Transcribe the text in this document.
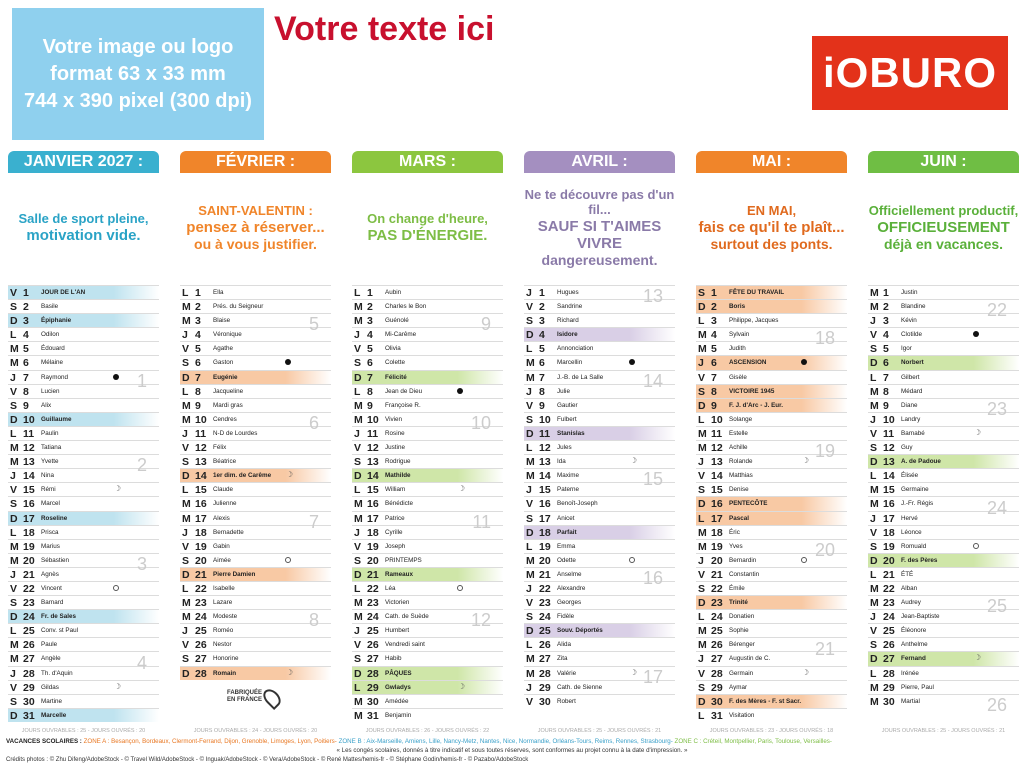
Votre image ou logo
format 63 x 33 mm
744 x 390 pixel (300 dpi)
Votre texte ici
iOBURO
JANVIER 2027 :
Salle de sport pleine,
motivation vide.
V 1	JOUR DE L'AN
S 2	Basile
D 3	Épiphanie
L 4	Odilon
M 5	Édouard
M 6	Mélaine
J 7	Raymond
V 8	Lucien
S 9	Alix
D 10	Guillaume
L 11	Paulin
M 12	Tatiana
M 13	Yvette
J 14	Nina
V 15	Rémi	☽
S 16	Marcel
D 17	Roseline
L 18	Prisca
M 19	Marius
M 20	Sébastien
J 21	Agnès
V 22	Vincent
S 23	Barnard
D 24	Fr. de Sales
L 25	Conv. st Paul
M 26	Paule
M 27	Angèle
J 28	Th. d'Aquin
V 29	Gildas	☽
S 30	Martine
D 31	Marcelle
1
2
3
4
JOURS OUVRABLES : 25 - JOURS OUVRÉS : 20
FÉVRIER :
SAINT-VALENTIN :
pensez à réserver...
ou à vous justifier.
L 1	Ella
M 2	Prés. du Seigneur
M 3	Blaise
J 4	Véronique
V 5	Agathe
S 6	Gaston
D 7	Eugénie
L 8	Jacqueline
M 9	Mardi gras
M 10	Cendres
J 11	N-D de Lourdes
V 12	Félix
S 13	Béatrice
D 14	1er dim. de Carême ☽
L 15	Claude
M 16	Julienne
M 17	Alexis
J 18	Bernadette
V 19	Gabin
S 20	Aimée
D 21	Pierre Damien
L 22	Isabelle
M 23	Lazare
M 24	Modeste
J 25	Roméo
V 26	Nestor
S 27	Honorine
D 28	Romain	☽
5
6
7
8
JOURS OUVRABLES : 24 - JOURS OUVRÉS : 20
MARS :
On change d'heure,
PAS D'ÉNERGIE.
L 1	Aubin
M 2	Charles le Bon
M 3	Guénolé
J 4	Mi-Carême
V 5	Olivia
S 6	Colette
D 7	Félicité
L 8	Jean de Dieu
M 9	Françoise R.
M 10	Vivien
J 11	Rosine
V 12	Justine
S 13	Rodrigue
D 14	Mathilde
L 15	William	☽
M 16	Bénédicte
M 17	Patrice
J 18	Cyrille
V 19	Joseph
S 20	PRINTEMPS
D 21	Rameaux
L 22	Léa
M 23	Victorien
M 24	Cath. de Suède
J 25	Humbert
V 26	Vendredi saint
S 27	Habib
D 28	PÂQUES
L 29	Gwladys	☽
M 30	Amédée
M 31	Benjamin
9
10
11
12
JOURS OUVRABLES : 26 - JOURS OUVRÉS : 22
AVRIL :
Ne te découvre pas d'un fil...
SAUF SI T'AIMES VIVRE
dangereusement.
J 1	Hugues
V 2	Sandrine
S 3	Richard
D 4	Isidore
L 5	Annonciation
M 6	Marcellin
M 7	J.-B. de La Salle
J 8	Julie
V 9	Gautier
S 10	Fulbert
D 11	Stanislas
L 12	Jules
M 13	Ida	☽
M 14	Maxime
J 15	Paterne
V 16	Benoît-Joseph
S 17	Anicet
D 18	Parfait
L 19	Emma
M 20	Odette
M 21	Anselme
J 22	Alexandre
V 23	Georges
S 24	Fidèle
D 25	Souv. Déportés
L 26	Alida
M 27	Zita
M 28	Valérie	☽
J 29	Cath. de Sienne
V 30	Robert
13
14
15
16
17
JOURS OUVRABLES : 25 - JOURS OUVRÉS : 21
MAI :
EN MAI,
fais ce qu'il te plaît...
surtout des ponts.
S 1	FÊTE DU TRAVAIL
D 2	Boris
L 3	Philippe, Jacques
M 4	Sylvain
M 5	Judith
J 6	ASCENSION
V 7	Gisèle
S 8	VICTOIRE 1945
D 9	F. J. d'Arc - J. Eur.
L 10	Solange
M 11	Estelle
M 12	Achille
J 13	Rolande	☽
V 14	Matthias
S 15	Denise
D 16	PENTECÔTE
L 17	Pascal
M 18	Éric
M 19	Yves
J 20	Bernardin
V 21	Constantin
S 22	Émile
D 23	Trinité
L 24	Donatien
M 25	Sophie
M 26	Bérenger
J 27	Augustin de C.
V 28	Germain	☽
S 29	Aymar
D 30	F. des Mères - F. st Sacr.
L 31	Visitation
18
19
20
21
JOURS OUVRABLES : 23 - JOURS OUVRÉS : 18
JUIN :
Officiellement productif,
OFFICIEUSEMENT
déjà en vacances.
M 1	Justin
M 2	Blandine
J 3	Kévin
V 4	Clotilde
S 5	Igor
D 6	Norbert
L 7	Gilbert
M 8	Médard
M 9	Diane
J 10	Landry
V 11	Barnabé	☽
S 12	Guy
D 13	A. de Padoue
L 14	Élisée
M 15	Germaine
M 16	J.-Fr. Régis
J 17	Hervé
V 18	Léonce
S 19	Romuald
D 20	F. des Pères
L 21	ÉTÉ
M 22	Alban
M 23	Audrey
J 24	Jean-Baptiste
V 25	Éléonore
S 26	Anthelme
D 27	Fernand	☽
L 28	Irénée
M 29	Pierre, Paul
M 30	Martial
22
23
24
25
26
JOURS OUVRABLES : 25 - JOURS OUVRÉS : 21
FABRIQUÉE
EN FRANCE
VACANCES SCOLAIRES : ZONE A : Besançon, Bordeaux, Clermont-Ferrand, Dijon, Grenoble, Limoges, Lyon, Poitiers- ZONE B : Aix-Marseille, Amiens, Lille, Nancy-Metz, Nantes, Nice, Normandie, Orléans-Tours, Reims, Rennes, Strasbourg- ZONE C : Créteil, Montpellier, Paris, Toulouse, Versailles-
« Les congés scolaires, donnés à titre indicatif et sous toutes réserves, sont conformes au projet connu à la date d'impression. »
Crédits photos : © Zhu Difeng/AdobeStock - © Travel Wild/AdobeStock - © Inguak/AdobeStock - © Vera/AdobeStock - © René Mattes/hemis-fr - © Stéphane Godin/hemis-fr - © Pazabo/AdobeStock
